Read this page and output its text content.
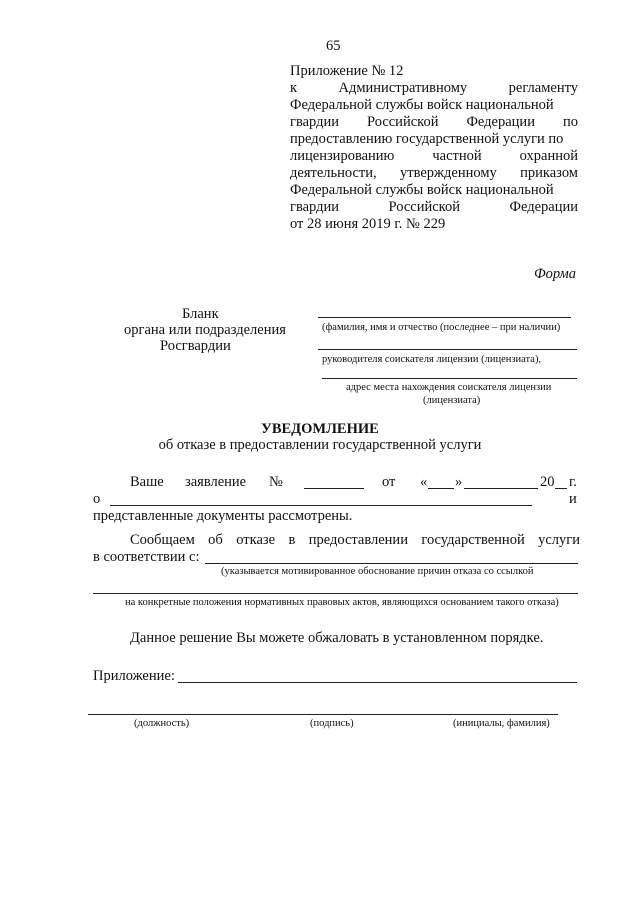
65
Приложение № 12
к	Административному	регламенту
Федеральной службы войск национальной
гвардии Российской Федерации по
предоставлению государственной услуги по
лицензированию	частной	охранной
деятельности, утвержденному приказом
Федеральной службы войск национальной
гвардии	Российской	Федерации
от 28 июня 2019 г. № 229
Форма
Бланк
органа или подразделения
Росгвардии
(фамилия, имя и отчество (последнее – при наличии)
руководителя соискателя лицензии (лицензиата),
адрес места нахождения соискателя лицензии
(лицензиата)
УВЕДОМЛЕНИЕ
об отказе в предоставлении государственной услуги
Ваше заявление №	от « »	20 г.
о	и
представленные документы рассмотрены.
Сообщаем об отказе в предоставлении государственной услуги
в соответствии с:
(указывается мотивированное обоснование причин отказа со ссылкой
на конкретные положения нормативных правовых актов, являющихся основанием такого отказа)
Данное решение Вы можете обжаловать в установленном порядке.
Приложение:
(должность)	(подпись)	(инициалы, фамилия)
